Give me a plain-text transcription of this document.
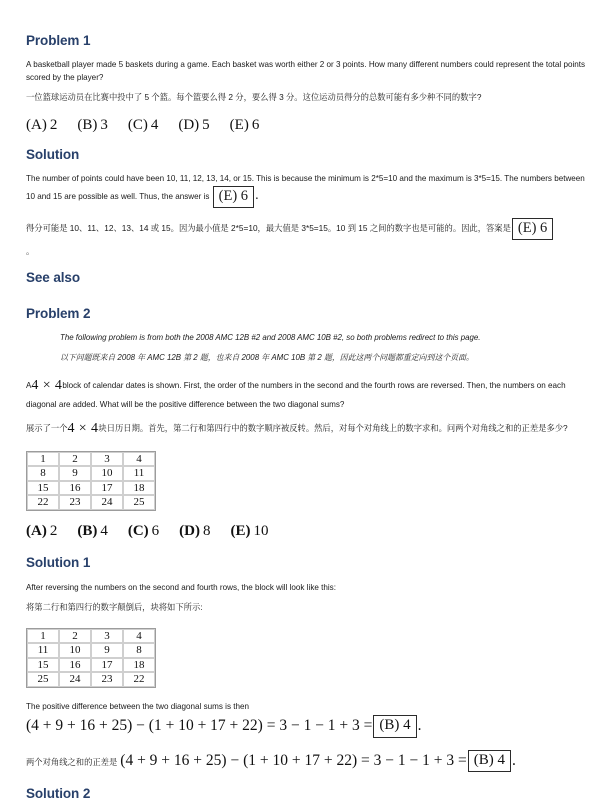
Problem 1

A basketball player made 5 baskets during a game. Each basket was worth either 2 or 3 points. How many different numbers could represent the total points scored by the player?

一位篮球运动员在比赛中投中了 5 个篮。每个篮要么得 2 分，要么得 3 分。这位运动员得分的总数可能有多少种不同的数字?

(A) 2 (B) 3 (C) 4 (D) 5 (E) 6
Solution

The number of points could have been 10, 11, 12, 13, 14, or 15. This is because the minimum is 2*5=10 and the maximum is 3*5=15. The numbers between 10 and 15 are possible as well. Thus, the answer is (E) 6 .

得分可能是 10、11、12、13、14 或 15。因为最小值是 2*5=10，最大值是 3*5=15。10 到 15 之间的数字也是可能的。因此，答案是 (E) 6

。

See also
Problem 2

The following problem is from both the 2008 AMC 12B #2 and 2008 AMC 10B #2, so both problems redirect to this page.

以下问题既来自 2008 年 AMC 12B 第 2 题，也来自 2008 年 AMC 10B 第 2 题，因此这两个问题都重定向到这个页面。

A4 × 4block of calendar dates is shown. First, the order of the numbers in the second and the fourth rows are reversed. Then, the numbers on each diagonal are added. What will be the positive difference between the two diagonal sums?

展示了一个4 × 4块日历日期。首先，第二行和第四行中的数字顺序被反转。然后，对每个对角线上的数字求和。问两个对角线之和的正差是多少?

1	2	3	4
8	9	10	11
15	16	17	18
22	23	24	25
(A) 2 (B) 4 (C) 6 (D) 8 (E) 10
Solution 1

After reversing the numbers on the second and fourth rows, the block will look like this:

将第二行和第四行的数字颠倒后，块将如下所示:

1	2	3	4
11	10	9	8
15	16	17	18
25	24	23	22

The positive difference between the two diagonal sums is then

(4 + 9 + 16 + 25) − (1 + 10 + 17 + 22) = 3 − 1 − 1 + 3 = (B) 4 .
两个对角线之和的正差是 (4 + 9 + 16 + 25) − (1 + 10 + 17 + 22) = 3 − 1 − 1 + 3 = (B) 4 .
Solution 2
